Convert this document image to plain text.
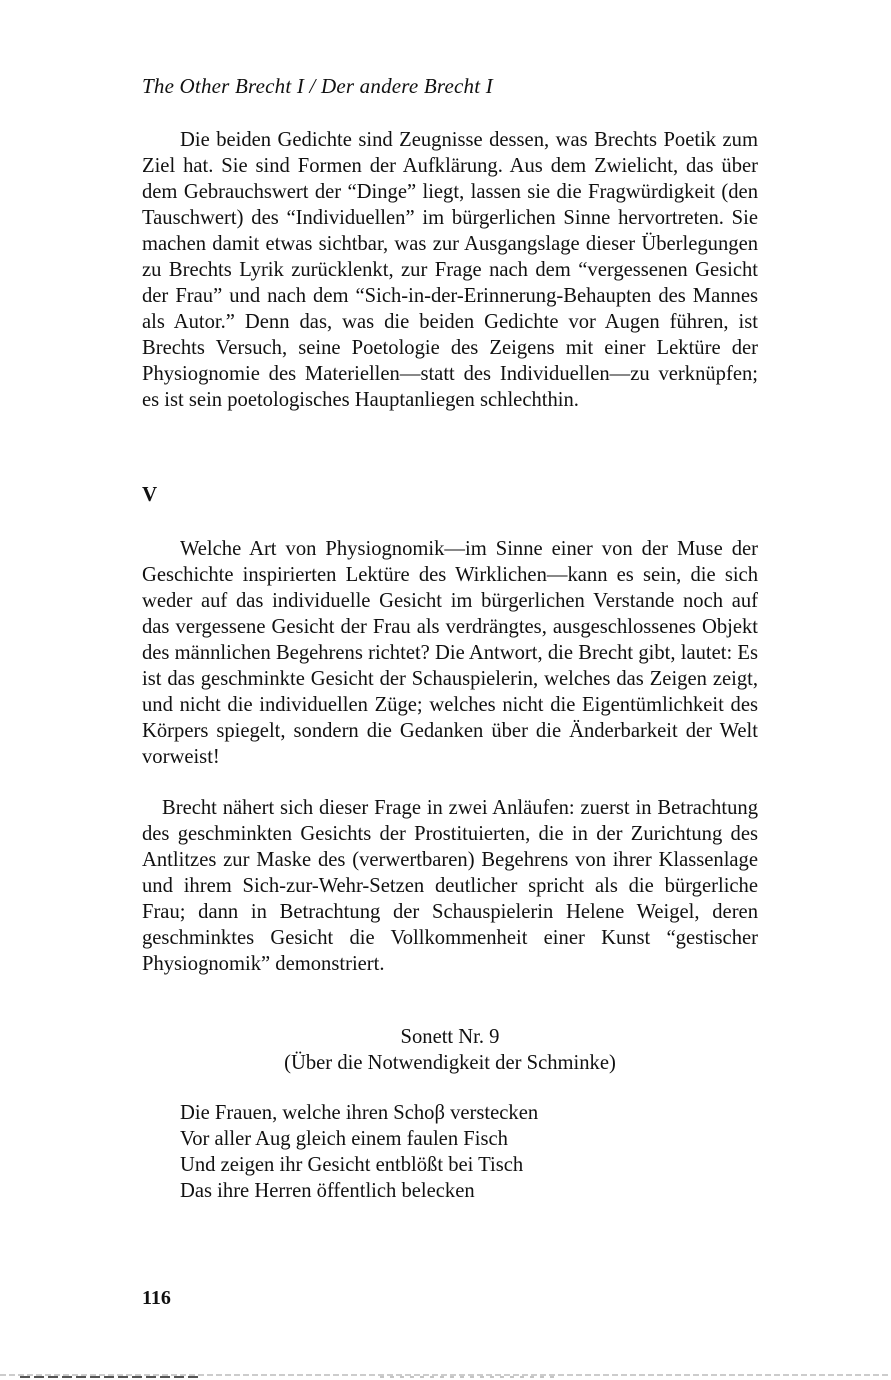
The Other Brecht I / Der andere Brecht I

Die beiden Gedichte sind Zeugnisse dessen, was Brechts Poetik zum Ziel hat. Sie sind Formen der Aufklärung. Aus dem Zwielicht, das über dem Gebrauchswert der “Dinge” liegt, lassen sie die Fragwürdigkeit (den Tauschwert) des “Individuellen” im bürgerlichen Sinne hervortreten. Sie machen damit etwas sichtbar, was zur Ausgangslage dieser Überlegungen zu Brechts Lyrik zurücklenkt, zur Frage nach dem “vergessenen Gesicht der Frau” und nach dem “Sich-in-der-Erinnerung-Behaupten des Mannes als Autor.” Denn das, was die beiden Gedichte vor Augen führen, ist Brechts Versuch, seine Poetologie des Zeigens mit einer Lektüre der Physiognomie des Materiellen—statt des Individuellen—zu verknüpfen; es ist sein poetologisches Hauptanliegen schlechthin.

V

Welche Art von Physiognomik—im Sinne einer von der Muse der Geschichte inspirierten Lektüre des Wirklichen—kann es sein, die sich weder auf das individuelle Gesicht im bürgerlichen Verstande noch auf das vergessene Gesicht der Frau als verdrängtes, ausgeschlossenes Objekt des männlichen Begehrens richtet? Die Antwort, die Brecht gibt, lautet: Es ist das geschminkte Gesicht der Schauspielerin, welches das Zeigen zeigt, und nicht die individuellen Züge; welches nicht die Eigentümlichkeit des Körpers spiegelt, sondern die Gedanken über die Änderbarkeit der Welt vorweist!

Brecht nähert sich dieser Frage in zwei Anläufen: zuerst in Betrachtung des geschminkten Gesichts der Prostituierten, die in der Zurichtung des Antlitzes zur Maske des (verwertbaren) Begehrens von ihrer Klassenlage und ihrem Sich-zur-Wehr-Setzen deutlicher spricht als die bürgerliche Frau; dann in Betrachtung der Schauspielerin Helene Weigel, deren geschminktes Gesicht die Vollkommenheit einer Kunst “gestischer Physiognomik” demonstriert.

Sonett Nr. 9
(Über die Notwendigkeit der Schminke)
Die Frauen, welche ihren Schoβ verstecken
Vor aller Aug gleich einem faulen Fisch
Und zeigen ihr Gesicht entblößt bei Tisch
Das ihre Herren öffentlich belecken
116
